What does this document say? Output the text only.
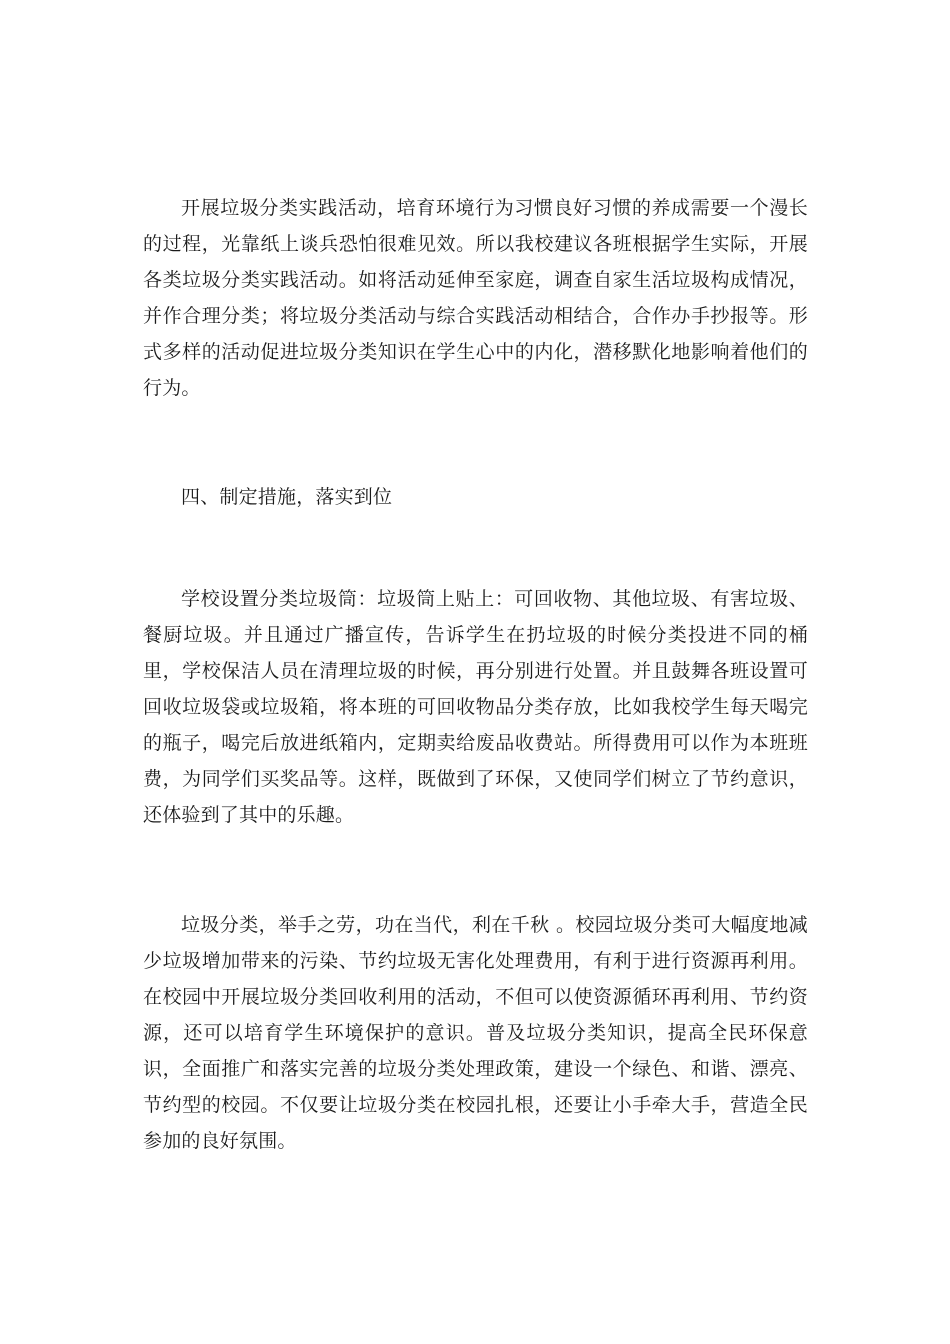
开展垃圾分类实践活动，培育环境行为习惯良好习惯的养成需要一个漫长的过程，光靠纸上谈兵恐怕很难见效。所以我校建议各班根据学生实际，开展各类垃圾分类实践活动。如将活动延伸至家庭，调查自家生活垃圾构成情况，并作合理分类；将垃圾分类活动与综合实践活动相结合，合作办手抄报等。形式多样的活动促进垃圾分类知识在学生心中的内化，潜移默化地影响着他们的行为。

四、制定措施，落实到位

学校设置分类垃圾筒：垃圾筒上贴上：可回收物、其他垃圾、有害垃圾、餐厨垃圾。并且通过广播宣传，告诉学生在扔垃圾的时候分类投进不同的桶里，学校保洁人员在清理垃圾的时候，再分别进行处置。并且鼓舞各班设置可回收垃圾袋或垃圾箱，将本班的可回收物品分类存放，比如我校学生每天喝完的瓶子，喝完后放进纸箱内，定期卖给废品收费站。所得费用可以作为本班班费，为同学们买奖品等。这样，既做到了环保，又使同学们树立了节约意识，还体验到了其中的乐趣。

垃圾分类，举手之劳，功在当代，利在千秋 。校园垃圾分类可大幅度地减少垃圾增加带来的污染、节约垃圾无害化处理费用，有利于进行资源再利用。在校园中开展垃圾分类回收利用的活动，不但可以使资源循环再利用、节约资源，还可以培育学生环境保护的意识。普及垃圾分类知识，提高全民环保意识，全面推广和落实完善的垃圾分类处理政策，建设一个绿色、和谐、漂亮、节约型的校园。不仅要让垃圾分类在校园扎根，还要让小手牵大手，营造全民参加的良好氛围。
